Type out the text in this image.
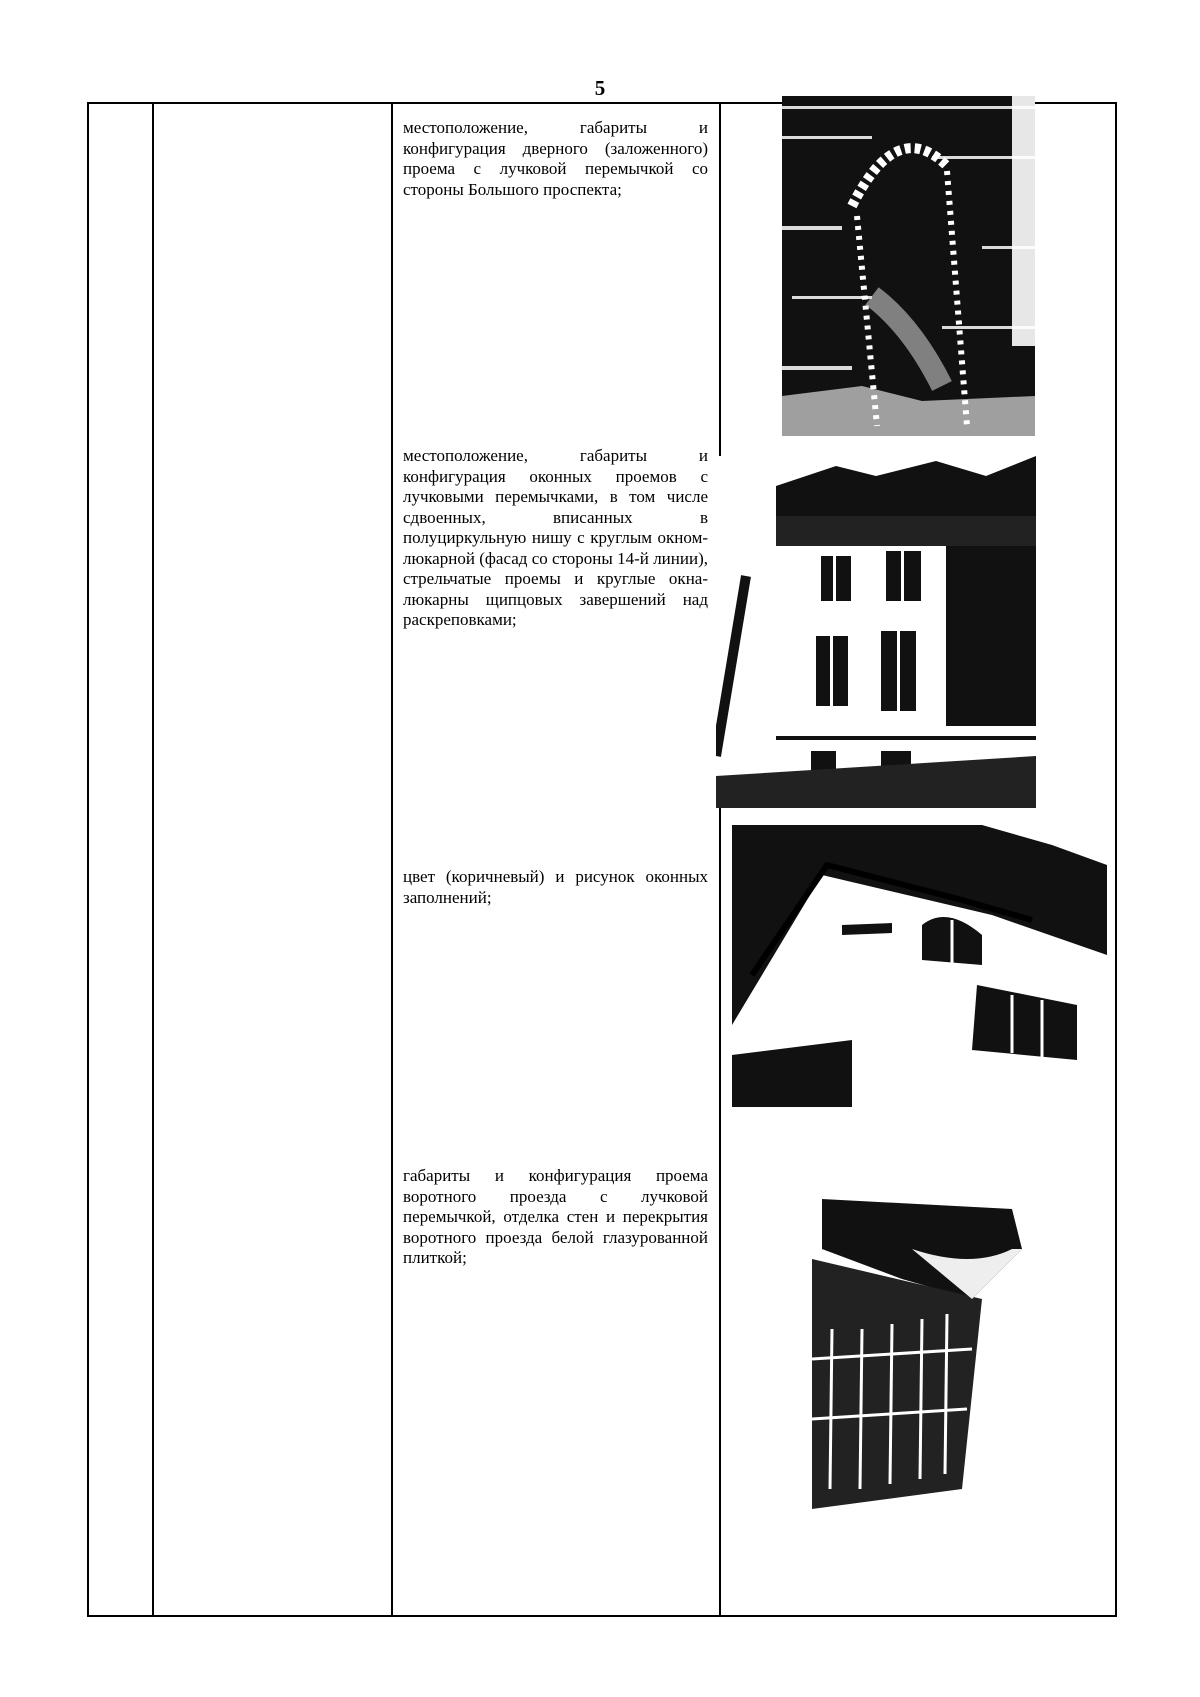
5

местоположение, габариты и конфигурация дверного (заложенного) проема с лучковой перемычкой со стороны Большого проспекта;

местоположение, габариты и конфигурация оконных проемов с лучковыми перемычками, в том числе сдвоенных, вписанных в полуциркульную нишу с круглым окном-люкарной (фасад со стороны 14-й линии), стрельчатые проемы и круглые окна-люкарны щипцовых завершений над раскреповками;

цвет (коричневый) и рисунок оконных заполнений;

габариты и конфигурация проема воротного проезда с лучковой перемычкой, отделка стен и перекрытия воротного проезда белой глазурованной плиткой;
